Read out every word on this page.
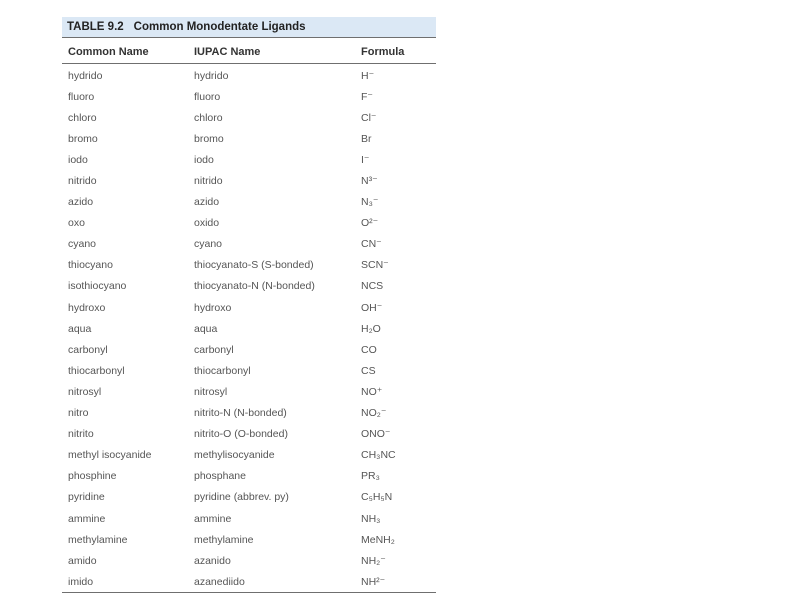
TABLE 9.2 Common Monodentate Ligands
Common Name	IUPAC Name	Formula
hydrido	hydrido	H⁻
fluoro	fluoro	F⁻
chloro	chloro	Cl⁻
bromo	bromo	Br
iodo	iodo	I⁻
nitrido	nitrido	N³⁻
azido	azido	N₃⁻
oxo	oxido	O²⁻
cyano	cyano	CN⁻
thiocyano	thiocyanato-S (S-bonded)	SCN⁻
isothiocyano	thiocyanato-N (N-bonded)	NCS
hydroxo	hydroxo	OH⁻
aqua	aqua	H₂O
carbonyl	carbonyl	CO
thiocarbonyl	thiocarbonyl	CS
nitrosyl	nitrosyl	NO⁺
nitro	nitrito-N (N-bonded)	NO₂⁻
nitrito	nitrito-O (O-bonded)	ONO⁻
methyl isocyanide	methylisocyanide	CH₃NC
phosphine	phosphane	PR₃
pyridine	pyridine (abbrev. py)	C₅H₅N
ammine	ammine	NH₃
methylamine	methylamine	MeNH₂
amido	azanido	NH₂⁻
imido	azanediido	NH²⁻
